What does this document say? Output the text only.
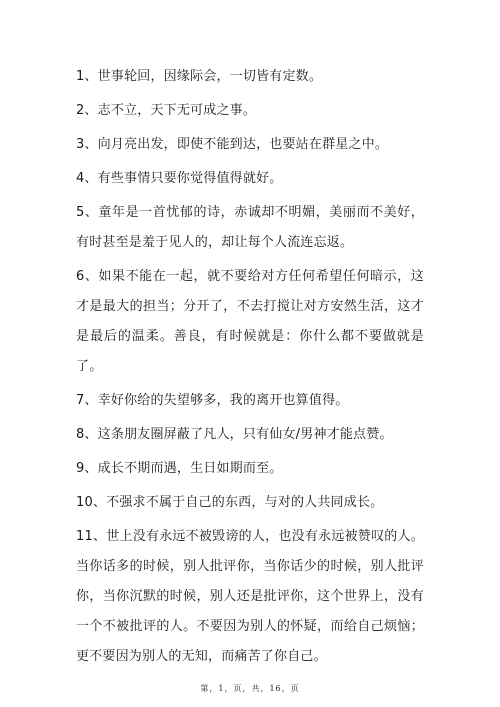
1、世事轮回，因缘际会，一切皆有定数。

2、志不立，天下无可成之事。

3、向月亮出发，即使不能到达，也要站在群星之中。

4、有些事情只要你觉得值得就好。

5、童年是一首忧郁的诗，赤诚却不明媚，美丽而不美好，有时甚至是羞于见人的，却让每个人流连忘返。

6、如果不能在一起，就不要给对方任何希望任何暗示，这才是最大的担当；分开了，不去打搅让对方安然生活，这才是最后的温柔。善良，有时候就是：你什么都不要做就是了。

7、幸好你给的失望够多，我的离开也算值得。

8、这条朋友圈屏蔽了凡人，只有仙女/男神才能点赞。

9、成长不期而遇，生日如期而至。

10、不强求不属于自己的东西，与对的人共同成长。

11、世上没有永远不被毁谤的人，也没有永远被赞叹的人。当你话多的时候，别人批评你，当你话少的时候，别人批评你，当你沉默的时候，别人还是批评你，这个世界上，没有一个不被批评的人。不要因为别人的怀疑，而给自己烦恼；更不要因为别人的无知，而痛苦了你自己。

第，1，页，共，16，页
